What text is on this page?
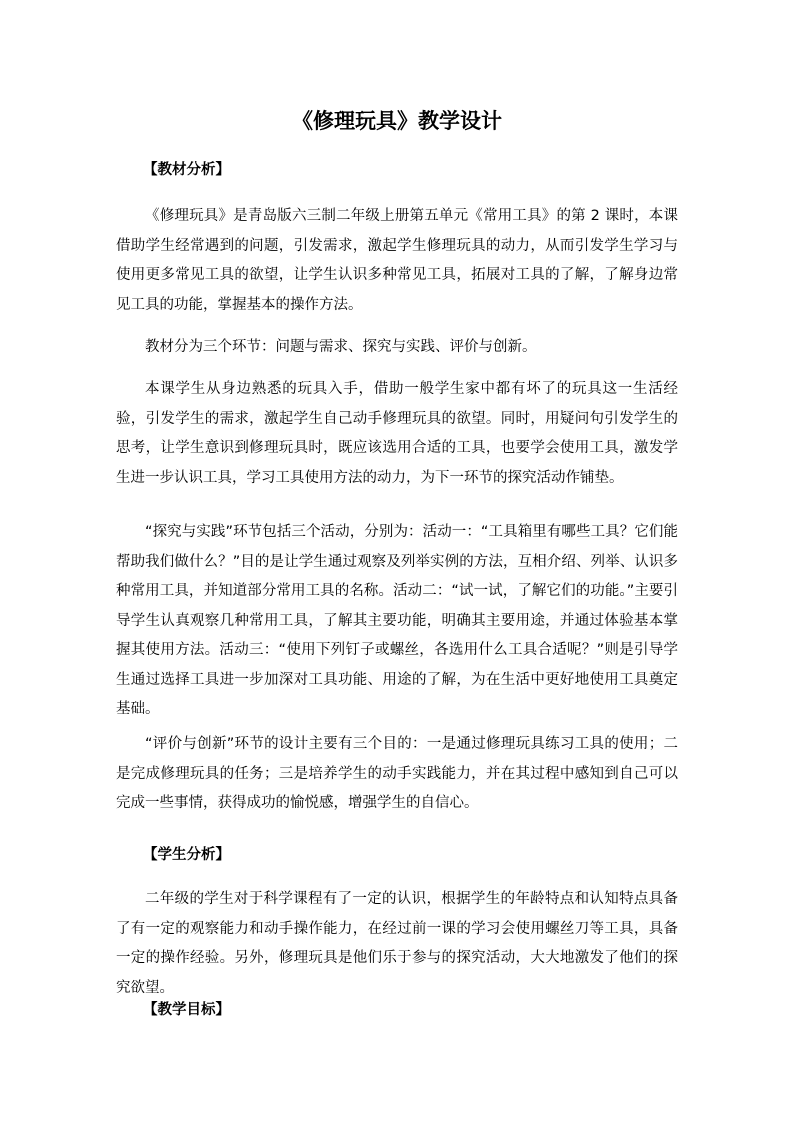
《修理玩具》教学设计
【教材分析】
《修理玩具》是青岛版六三制二年级上册第五单元《常用工具》的第 2 课时，本课借助学生经常遇到的问题，引发需求，激起学生修理玩具的动力，从而引发学生学习与使用更多常见工具的欲望，让学生认识多种常见工具，拓展对工具的了解，了解身边常见工具的功能，掌握基本的操作方法。
教材分为三个环节：问题与需求、探究与实践、评价与创新。
本课学生从身边熟悉的玩具入手，借助一般学生家中都有坏了的玩具这一生活经验，引发学生的需求，激起学生自己动手修理玩具的欲望。同时，用疑问句引发学生的思考，让学生意识到修理玩具时，既应该选用合适的工具，也要学会使用工具，激发学生进一步认识工具，学习工具使用方法的动力，为下一环节的探究活动作铺垫。
“探究与实践”环节包括三个活动，分别为：活动一：“工具箱里有哪些工具？它们能帮助我们做什么？”目的是让学生通过观察及列举实例的方法，互相介绍、列举、认识多种常用工具，并知道部分常用工具的名称。活动二：“试一试，了解它们的功能。”主要引导学生认真观察几种常用工具，了解其主要功能，明确其主要用途，并通过体验基本掌握其使用方法。活动三：“使用下列钉子或螺丝，各选用什么工具合适呢？”则是引导学生通过选择工具进一步加深对工具功能、用途的了解，为在生活中更好地使用工具奠定基础。
“评价与创新”环节的设计主要有三个目的：一是通过修理玩具练习工具的使用；二是完成修理玩具的任务；三是培养学生的动手实践能力，并在其过程中感知到自己可以完成一些事情，获得成功的愉悦感，增强学生的自信心。
【学生分析】
二年级的学生对于科学课程有了一定的认识，根据学生的年龄特点和认知特点具备了有一定的观察能力和动手操作能力，在经过前一课的学习会使用螺丝刀等工具，具备一定的操作经验。另外，修理玩具是他们乐于参与的探究活动，大大地激发了他们的探究欲望。
【教学目标】
